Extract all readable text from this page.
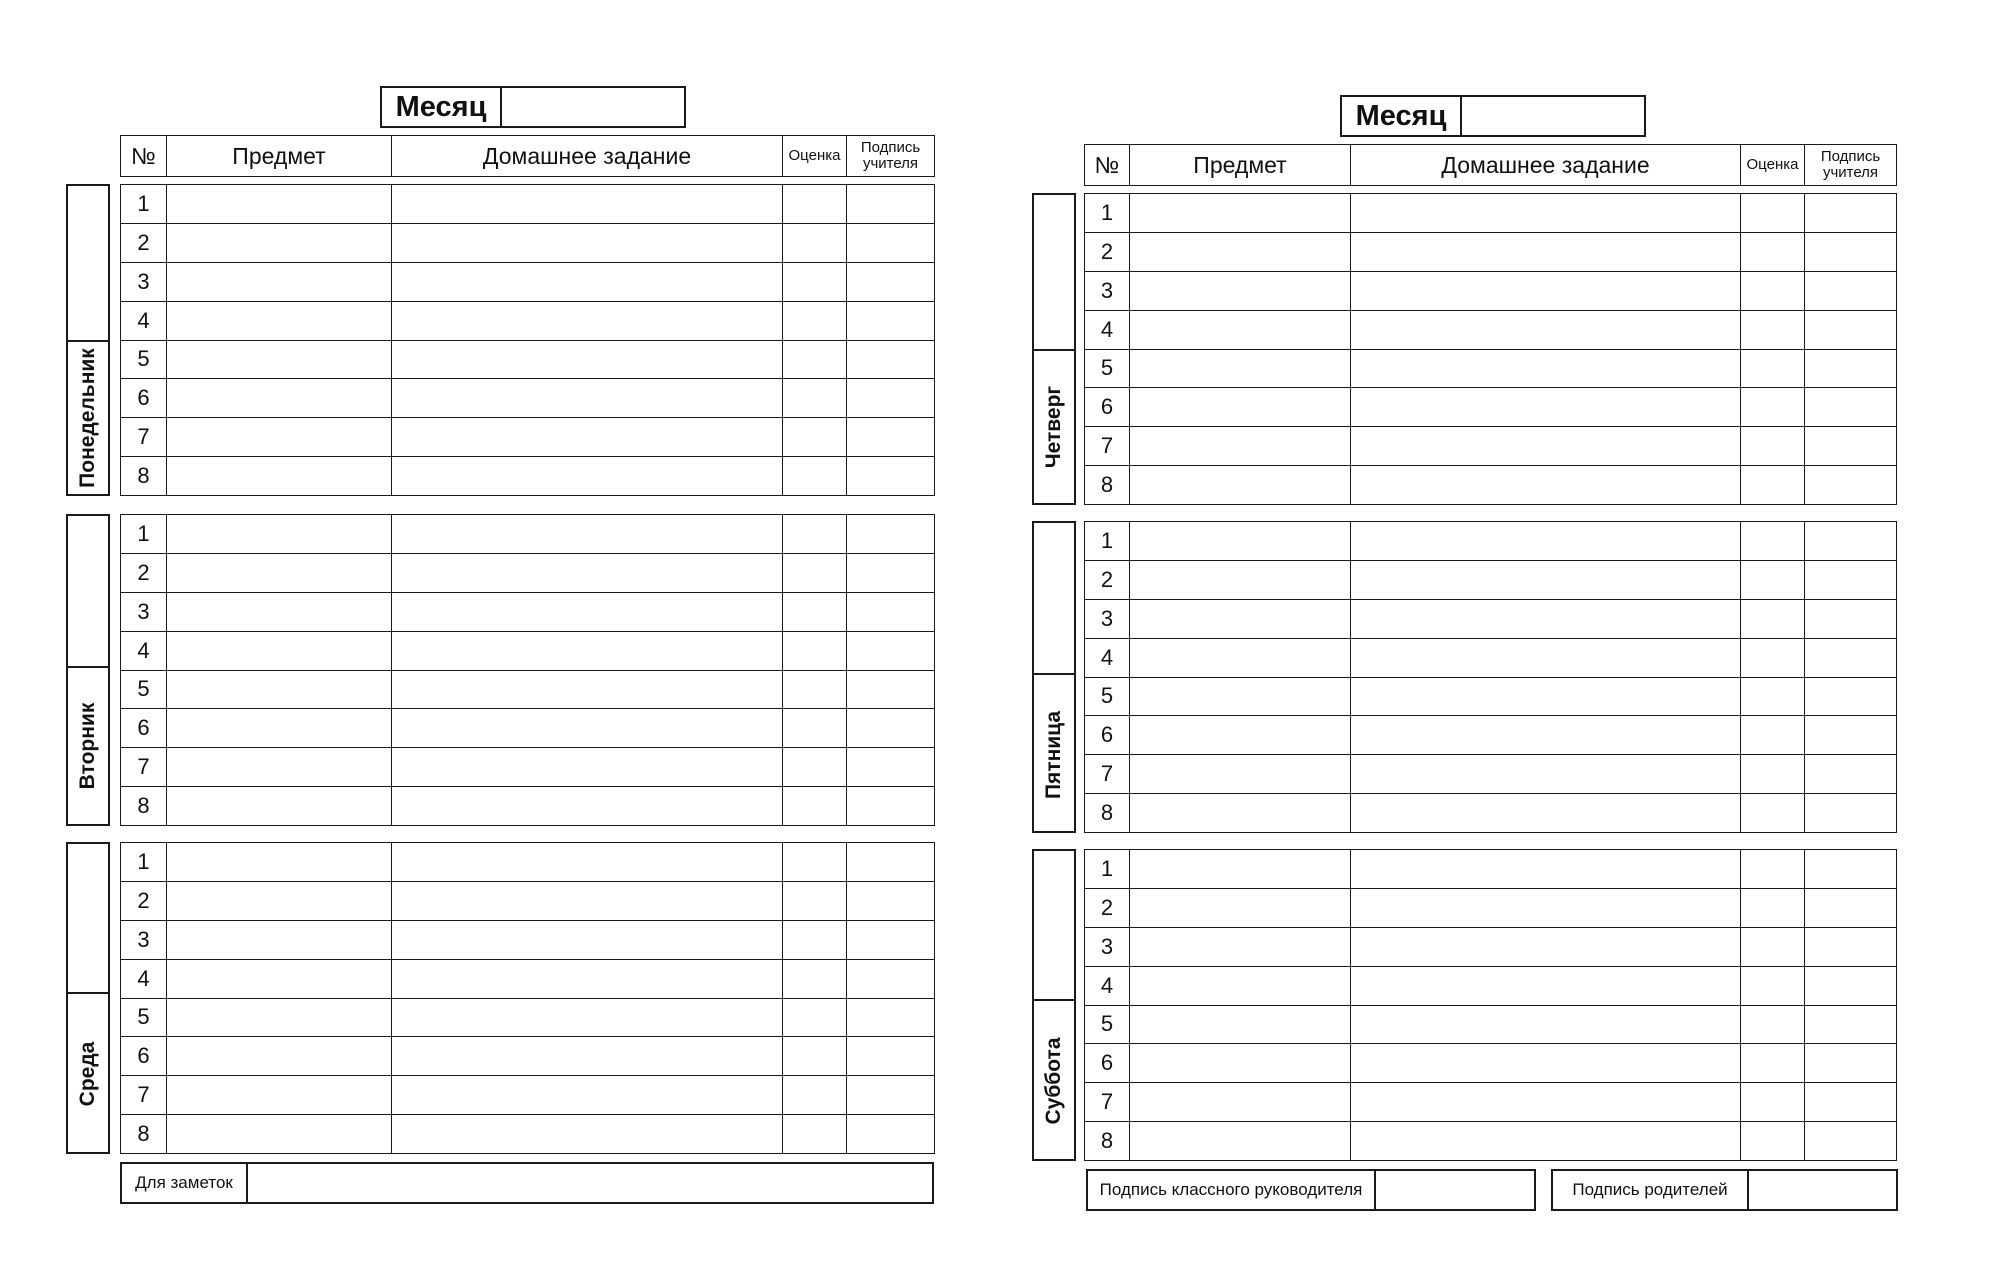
Месяц
№	Предмет	Домашнее задание	Оценка	Подпись учителя
Понедельник
1				
2				
3				
4				
5				
6				
7				
8				
Вторник
1				
2				
3				
4				
5				
6				
7				
8				
Среда
1				
2				
3				
4				
5				
6				
7				
8				
Для заметок
Месяц
№	Предмет	Домашнее задание	Оценка	Подпись учителя
Четверг
1				
2				
3				
4				
5				
6				
7				
8				
Пятница
1				
2				
3				
4				
5				
6				
7				
8				
Суббота
1				
2				
3				
4				
5				
6				
7				
8				
Подпись классного руководителя	Подпись родителей
